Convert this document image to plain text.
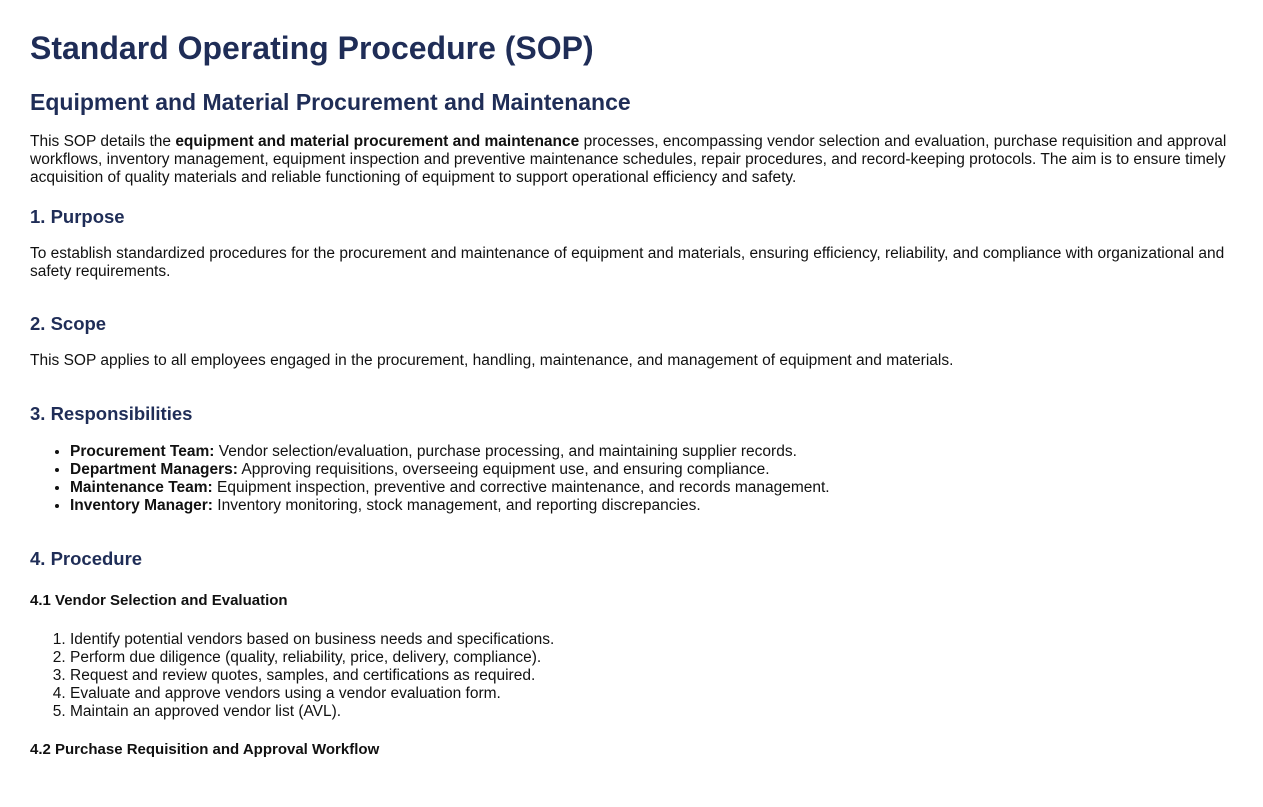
Standard Operating Procedure (SOP)
Equipment and Material Procurement and Maintenance

This SOP details the equipment and material procurement and maintenance processes, encompassing vendor selection and evaluation, purchase requisition and approval workflows, inventory management, equipment inspection and preventive maintenance schedules, repair procedures, and record-keeping protocols. The aim is to ensure timely acquisition of quality materials and reliable functioning of equipment to support operational efficiency and safety.

1. Purpose

To establish standardized procedures for the procurement and maintenance of equipment and materials, ensuring efficiency, reliability, and compliance with organizational and safety requirements.

2. Scope

This SOP applies to all employees engaged in the procurement, handling, maintenance, and management of equipment and materials.

3. Responsibilities
• Procurement Team: Vendor selection/evaluation, purchase processing, and maintaining supplier records.
• Department Managers: Approving requisitions, overseeing equipment use, and ensuring compliance.
• Maintenance Team: Equipment inspection, preventive and corrective maintenance, and records management.
• Inventory Manager: Inventory monitoring, stock management, and reporting discrepancies.
4. Procedure
4.1 Vendor Selection and Evaluation
1. Identify potential vendors based on business needs and specifications.
2. Perform due diligence (quality, reliability, price, delivery, compliance).
3. Request and review quotes, samples, and certifications as required.
4. Evaluate and approve vendors using a vendor evaluation form.
5. Maintain an approved vendor list (AVL).
4.2 Purchase Requisition and Approval Workflow
